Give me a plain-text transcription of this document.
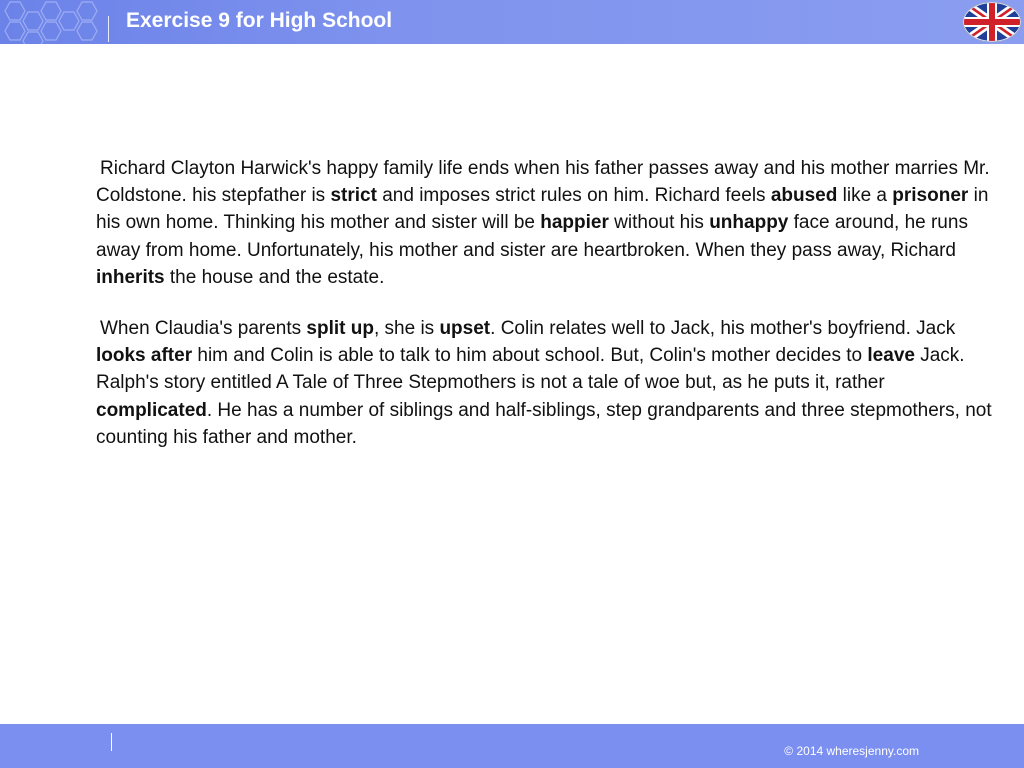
Exercise 9 for High School

Richard Clayton Harwick's happy family life ends when his father passes away and his mother marries Mr. Coldstone. his stepfather is strict and imposes strict rules on him. Richard feels abused like a prisoner in his own home. Thinking his mother and sister will be happier without his unhappy face around, he runs away from home. Unfortunately, his mother and sister are heartbroken. When they pass away, Richard inherits the house and the estate.

When Claudia's parents split up, she is upset. Colin relates well to Jack, his mother's boyfriend. Jack looks after him and Colin is able to talk to him about school. But, Colin's mother decides to leave Jack. Ralph's story entitled A Tale of Three Stepmothers is not a tale of woe but, as he puts it, rather complicated. He has a number of siblings and half-siblings, step grandparents and three stepmothers, not counting his father and mother.

© 2014 wheresjenny.com
